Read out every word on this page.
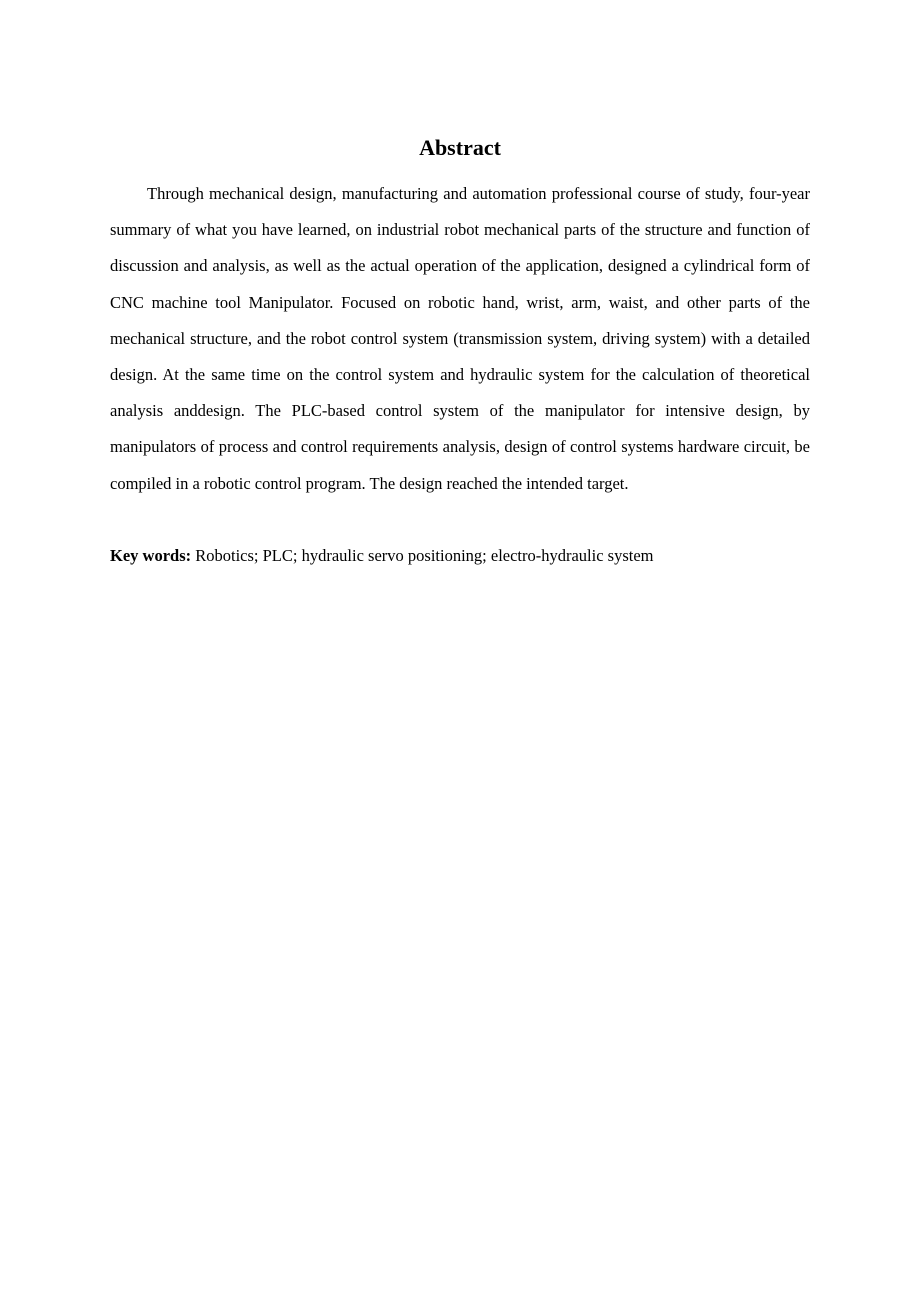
Abstract

Through mechanical design, manufacturing and automation professional course of study, four-year summary of what you have learned, on industrial robot mechanical parts of the structure and function of discussion and analysis, as well as the actual operation of the application, designed a cylindrical form of CNC machine tool Manipulator. Focused on robotic hand, wrist, arm, waist, and other parts of the mechanical structure, and the robot control system (transmission system, driving system) with a detailed design. At the same time on the control system and hydraulic system for the calculation of theoretical analysis anddesign. The PLC-based control system of the manipulator for intensive design, by manipulators of process and control requirements analysis, design of control systems hardware circuit, be compiled in a robotic control program. The design reached the intended target.

Key words: Robotics; PLC; hydraulic servo positioning; electro-hydraulic system
